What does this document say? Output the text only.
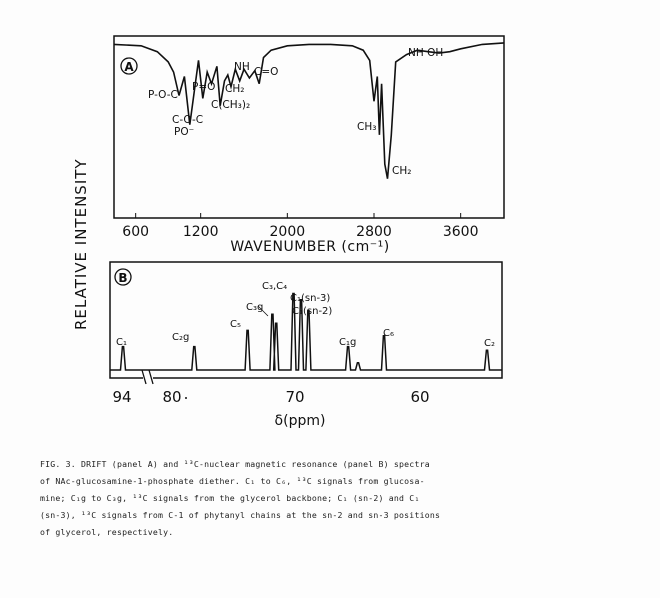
A
P-O-C
P=O
NH C=O
CH₂
C(CH₃)₂
C-O-C
PO⁻	CH₃
CH₂
NH OH
600 1200	2000	2800	3600
WAVENUMBER (cm⁻¹)
B
C₁	C₂g
C₅
C₃g
C₃,C₄
C₁(sn-3)
C₁(sn-2)
C₁g
C₆
C₂
94 80	70	60
δ(ppm)
RELATIVE INTENSITY
FIG. 3. DRIFT (panel A) and ¹³C-nuclear magnetic resonance (panel B) spectra
of NAc-glucosamine-1-phosphate diether. C₁ to C₆, ¹³C signals from glucosa-
mine; C₁g to C₃g, ¹³C signals from the glycerol backbone; C₁ (sn-2) and C₁
(sn-3), ¹³C signals from C-1 of phytanyl chains at the sn-2 and sn-3 positions
of glycerol, respectively.
